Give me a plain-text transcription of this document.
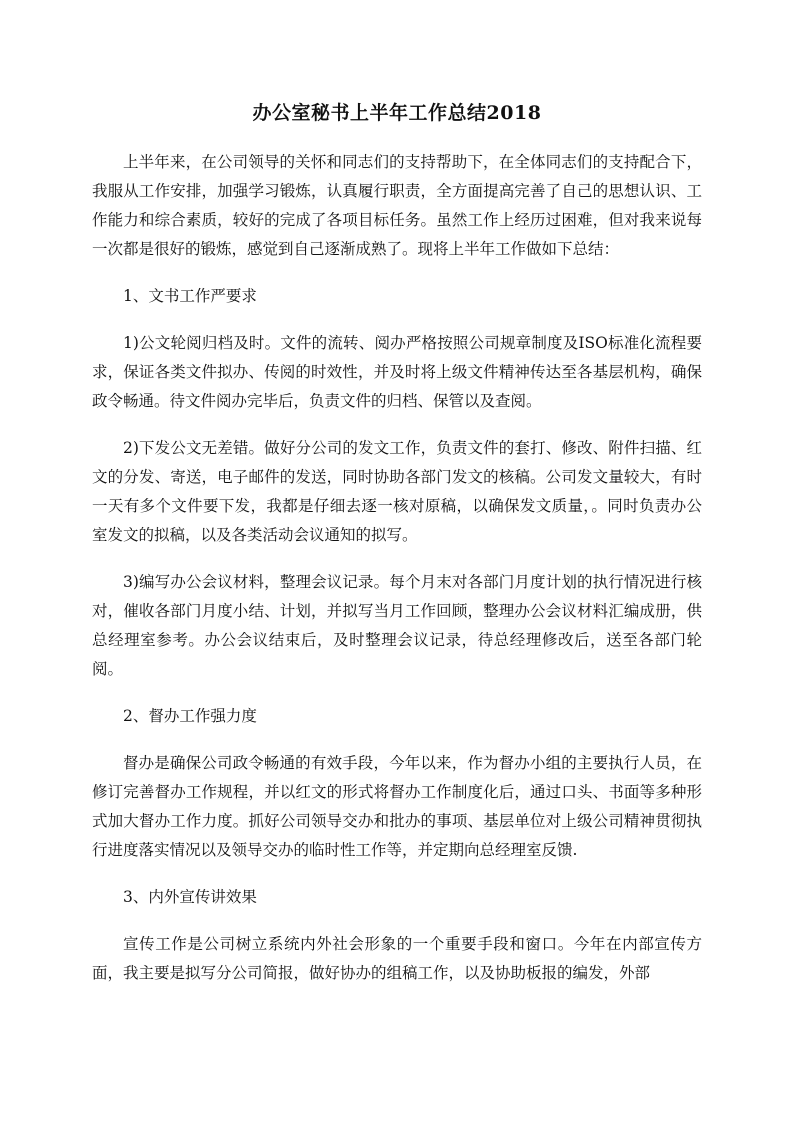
办公室秘书上半年工作总结2018

上半年来，在公司领导的关怀和同志们的支持帮助下，在全体同志们的支持配合下，我服从工作安排，加强学习锻炼，认真履行职责，全方面提高完善了自己的思想认识、工作能力和综合素质，较好的完成了各项目标任务。虽然工作上经历过困难，但对我来说每一次都是很好的锻炼，感觉到自己逐渐成熟了。现将上半年工作做如下总结：

1、文书工作严要求

1)公文轮阅归档及时。文件的流转、阅办严格按照公司规章制度及ISO标准化流程要求，保证各类文件拟办、传阅的时效性，并及时将上级文件精神传达至各基层机构，确保政令畅通。待文件阅办完毕后，负责文件的归档、保管以及查阅。

2)下发公文无差错。做好分公司的发文工作，负责文件的套打、修改、附件扫描、红文的分发、寄送，电子邮件的发送，同时协助各部门发文的核稿。公司发文量较大，有时一天有多个文件要下发，我都是仔细去逐一核对原稿，以确保发文质量，。同时负责办公室发文的拟稿，以及各类活动会议通知的拟写。

3)编写办公会议材料，整理会议记录。每个月末对各部门月度计划的执行情况进行核对，催收各部门月度小结、计划，并拟写当月工作回顾，整理办公会议材料汇编成册，供总经理室参考。办公会议结束后，及时整理会议记录，待总经理修改后，送至各部门轮阅。

2、督办工作强力度

督办是确保公司政令畅通的有效手段，今年以来，作为督办小组的主要执行人员，在修订完善督办工作规程，并以红文的形式将督办工作制度化后，通过口头、书面等多种形式加大督办工作力度。抓好公司领导交办和批办的事项、基层单位对上级公司精神贯彻执行进度落实情况以及领导交办的临时性工作等，并定期向总经理室反馈.

3、内外宣传讲效果

宣传工作是公司树立系统内外社会形象的一个重要手段和窗口。今年在内部宣传方面，我主要是拟写分公司简报，做好协办的组稿工作，以及协助板报的编发，外部
